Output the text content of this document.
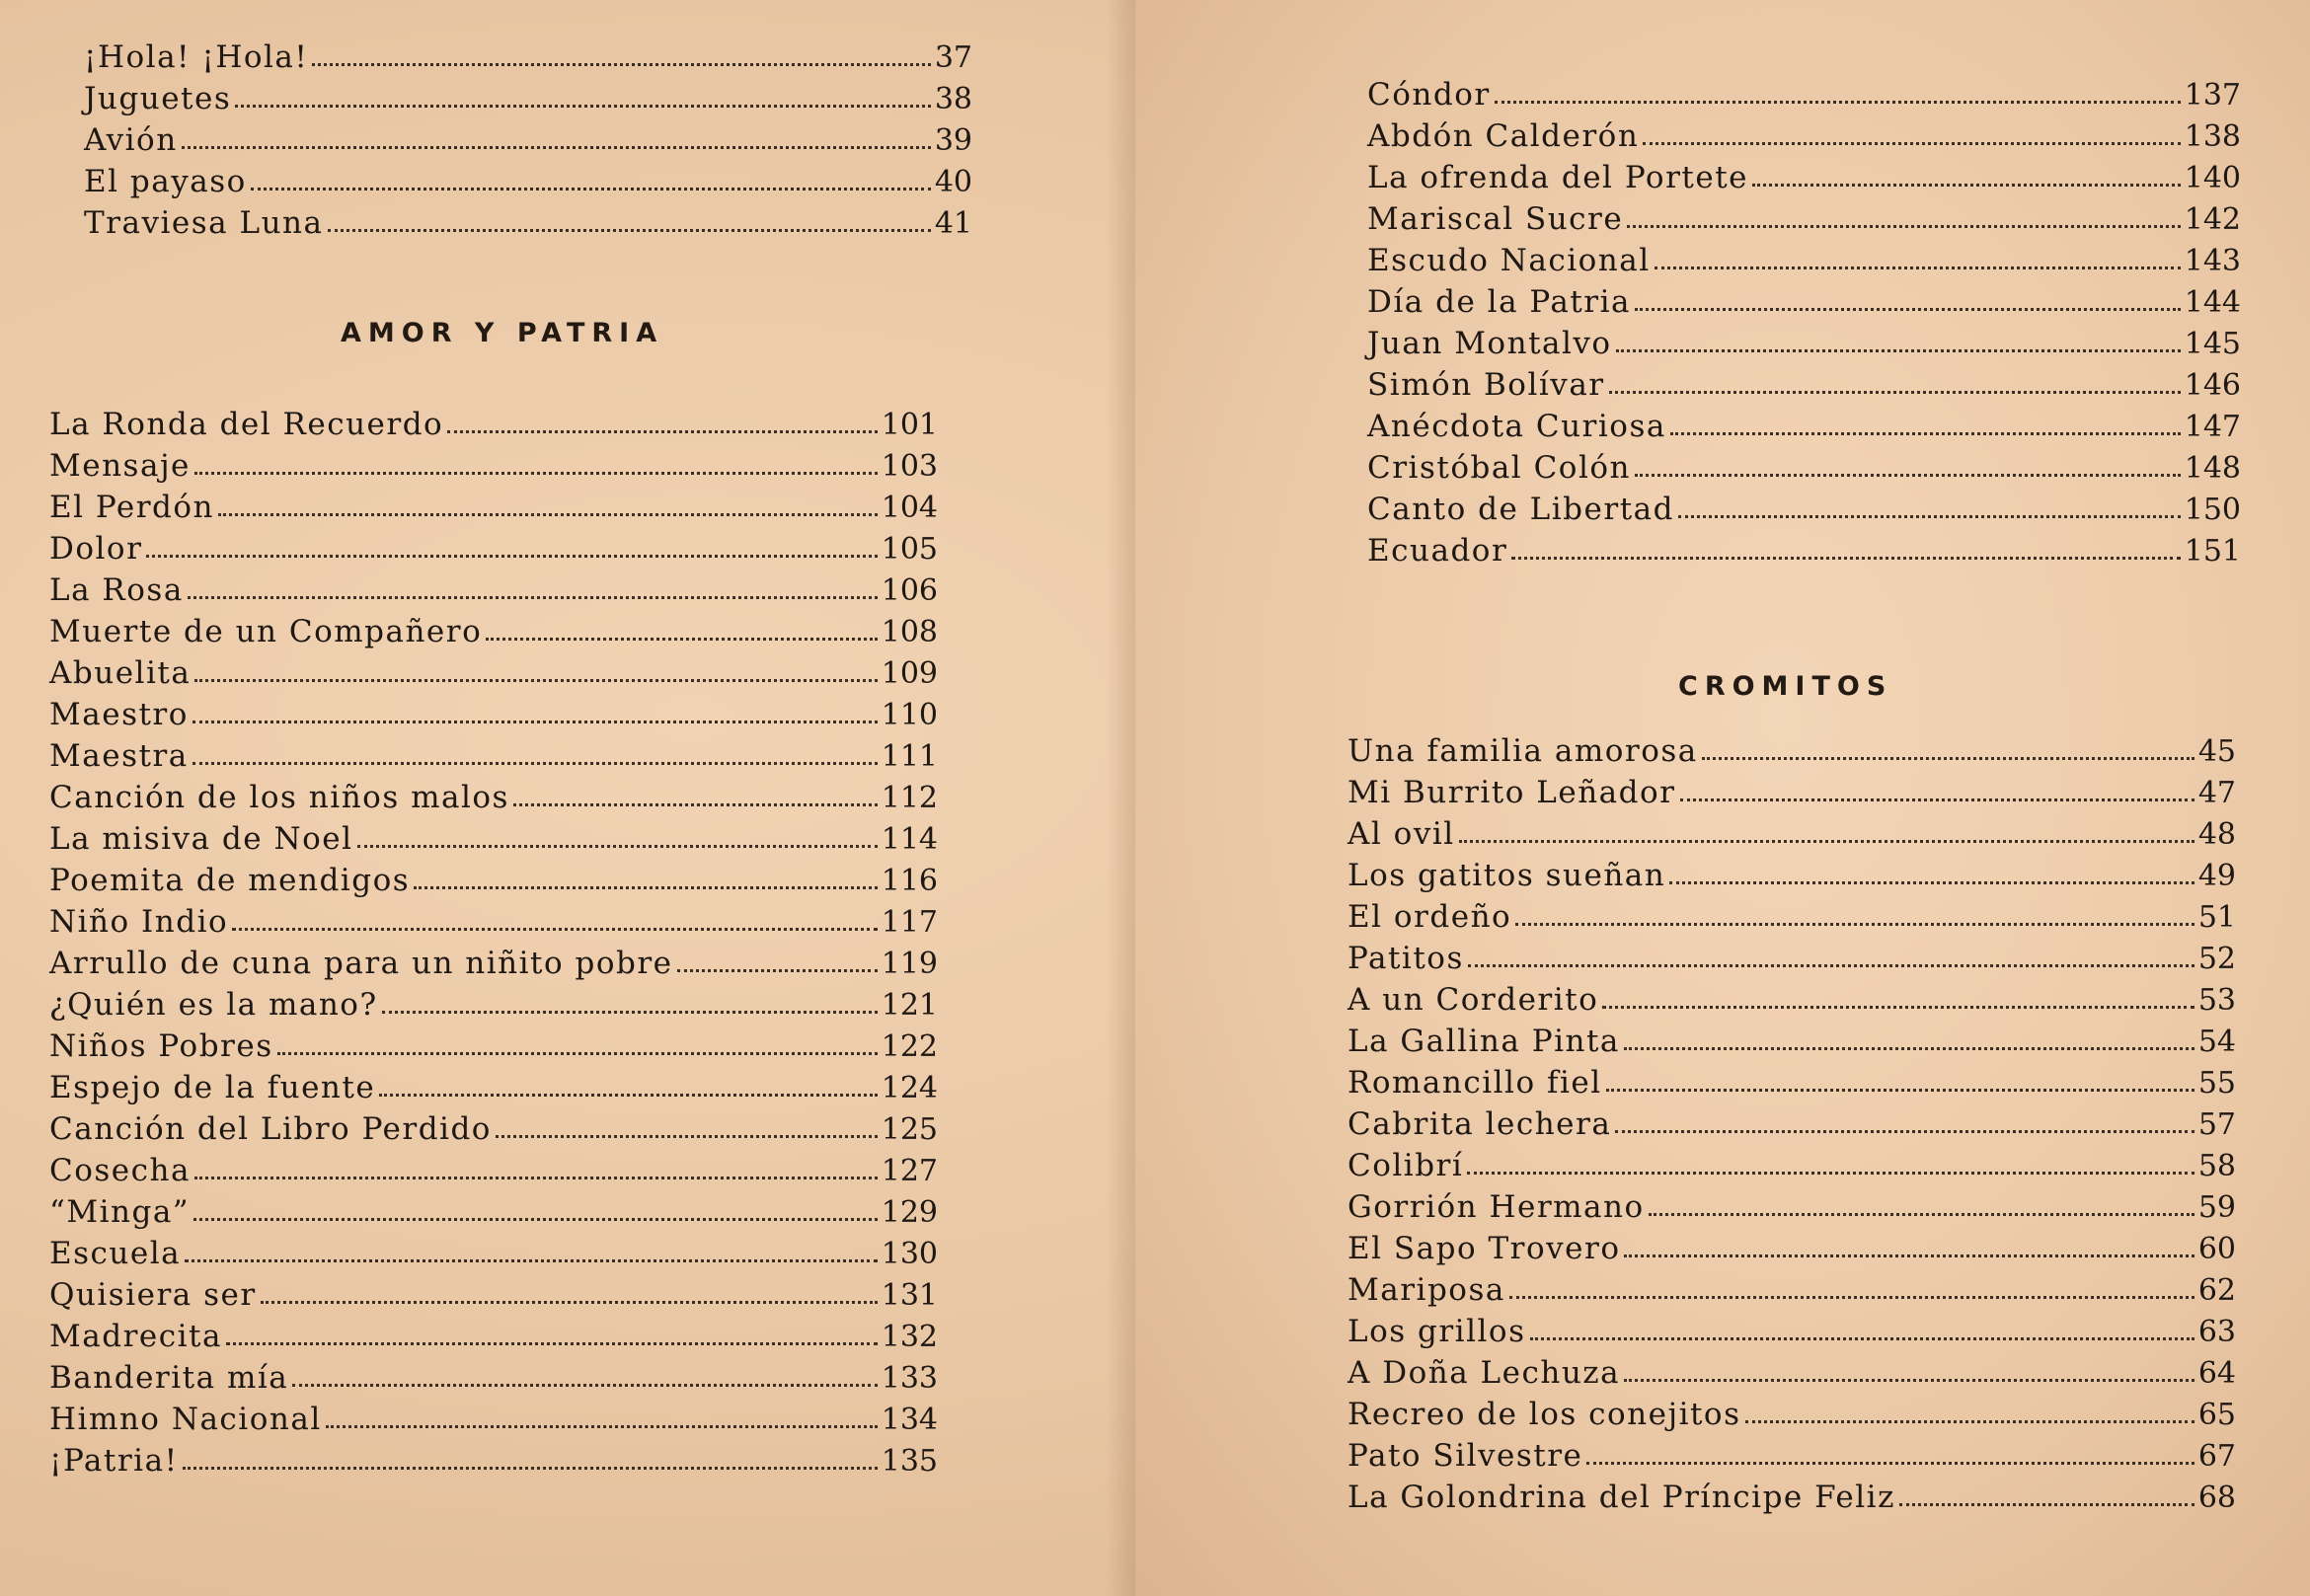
¡Hola! ¡Hola!	37
Juguetes	38
Avión	39
El payaso	40
Traviesa Luna	41
AMOR Y PATRIA
La Ronda del Recuerdo	101
Mensaje	103
El Perdón	104
Dolor	105
La Rosa	106
Muerte de un Compañero	108
Abuelita	109
Maestro	110
Maestra	111
Canción de los niños malos	112
La misiva de Noel	114
Poemita de mendigos	116
Niño Indio	117
Arrullo de cuna para un niñito pobre	119
¿Quién es la mano?	121
Niños Pobres	122
Espejo de la fuente	124
Canción del Libro Perdido	125
Cosecha	127
“Minga”	129
Escuela	130
Quisiera ser	131
Madrecita	132
Banderita mía	133
Himno Nacional	134
¡Patria!	135
Cóndor	137
Abdón Calderón	138
La ofrenda del Portete	140
Mariscal Sucre	142
Escudo Nacional	143
Día de la Patria	144
Juan Montalvo	145
Simón Bolívar	146
Anécdota Curiosa	147
Cristóbal Colón	148
Canto de Libertad	150
Ecuador	151
CROMITOS
Una familia amorosa	45
Mi Burrito Leñador	47
Al ovil	48
Los gatitos sueñan	49
El ordeño	51
Patitos	52
A un Corderito	53
La Gallina Pinta	54
Romancillo fiel	55
Cabrita lechera	57
Colibrí	58
Gorrión Hermano	59
El Sapo Trovero	60
Mariposa	62
Los grillos	63
A Doña Lechuza	64
Recreo de los conejitos	65
Pato Silvestre	67
La Golondrina del Príncipe Feliz	68
